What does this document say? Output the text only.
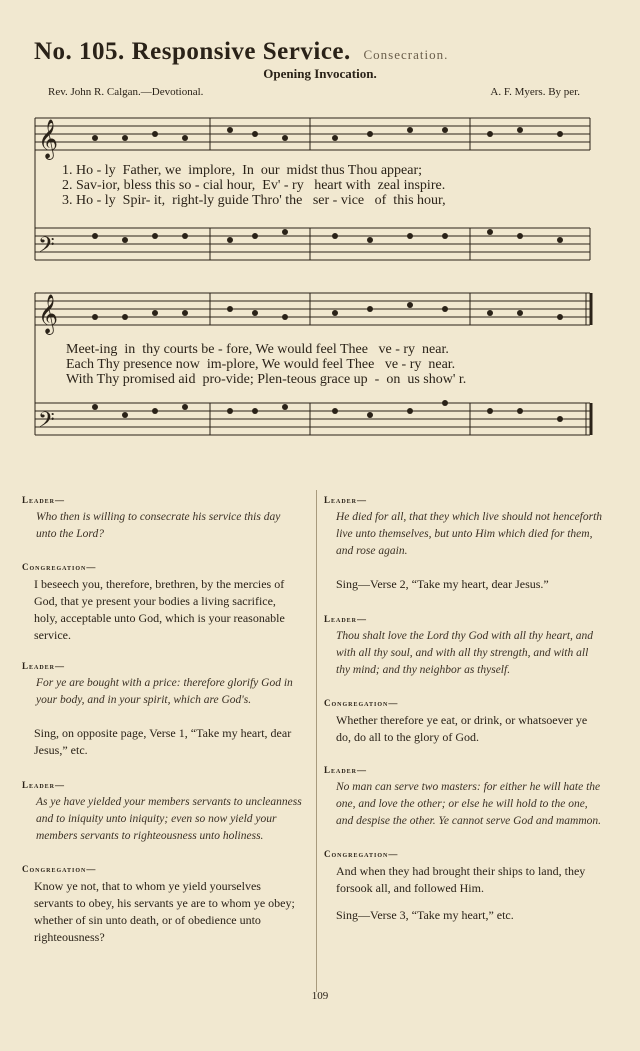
No. 105. Responsive Service. Consecration.
Opening Invocation.
Rev. John R. Calgan.—Devotional.	A. F. Myers. By per.
𝄞
𝄢
1. Ho - ly  Father, we  implore,  In  our  midst thus Thou appear;
2. Sav-ior, bless this so - cial hour,  Ev' - ry   heart with  zeal inspire.
3. Ho - ly  Spir- it,  right-ly guide Thro' the   ser - vice   of  this hour,
𝄞
𝄢
Meet-ing  in  thy courts be - fore, We would feel Thee   ve - ry  near.
Each Thy presence now  im-plore, We would feel Thee   ve - ry  near.
With Thy promised aid  pro-vide; Plen-teous grace up  -  on  us show' r.
Leader—
Who then is willing to consecrate his service this day unto the Lord?
Congregation—
I beseech you, therefore, brethren, by the mercies of God, that ye present your bodies a living sacrifice, holy, acceptable unto God, which is your reasonable service.
Leader—
For ye are bought with a price: therefore glorify God in your body, and in your spirit, which are God's.
Sing, on opposite page, Verse 1, “Take my heart, dear Jesus,” etc.
Leader—
As ye have yielded your members servants to uncleanness and to iniquity unto iniquity; even so now yield your members servants to righteousness unto holiness.
Congregation—
Know ye not, that to whom ye yield yourselves servants to obey, his servants ye are to whom ye obey; whether of sin unto death, or of obedience unto righteousness?
Leader—
He died for all, that they which live should not henceforth live unto themselves, but unto Him which died for them, and rose again.
Sing—Verse 2, “Take my heart, dear Jesus.”
Leader—
Thou shalt love the Lord thy God with all thy heart, and with all thy soul, and with all thy strength, and with all thy mind; and thy neighbor as thyself.
Congregation—
Whether therefore ye eat, or drink, or whatsoever ye do, do all to the glory of God.
Leader—
No man can serve two masters: for either he will hate the one, and love the other; or else he will hold to the one, and despise the other. Ye cannot serve God and mammon.
Congregation—
And when they had brought their ships to land, they forsook all, and followed Him.
Sing—Verse 3, “Take my heart,” etc.
109
